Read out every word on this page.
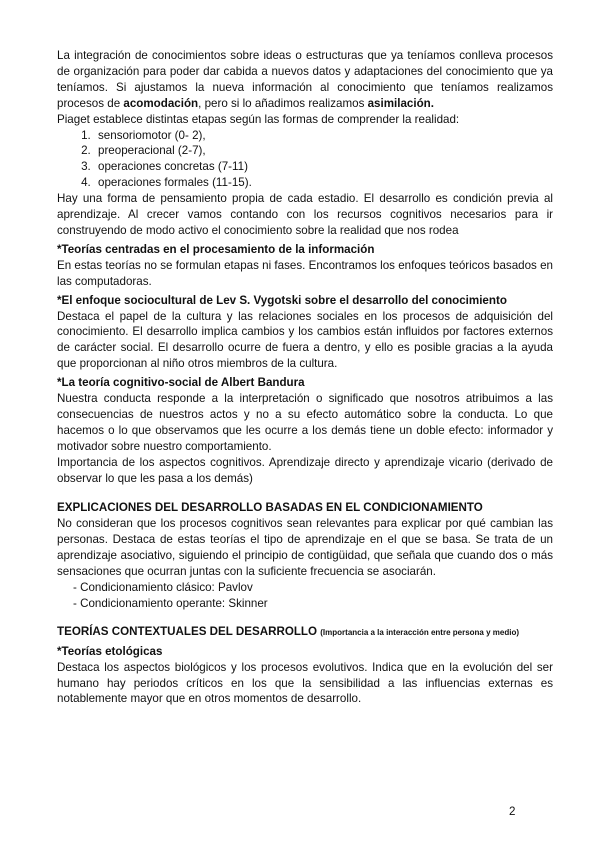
La integración de conocimientos sobre ideas o estructuras que ya teníamos conlleva procesos de organización para poder dar cabida a nuevos datos y adaptaciones del conocimiento que ya teníamos. Si ajustamos la nueva información al conocimiento que teníamos realizamos procesos de acomodación, pero si lo añadimos realizamos asimilación.

Piaget establece distintas etapas según las formas de comprender la realidad:

1. sensoriomotor (0- 2),
2. preoperacional (2-7),
3. operaciones concretas (7-11)
4. operaciones formales (11-15).

Hay una forma de pensamiento propia de cada estadio. El desarrollo es condición previa al aprendizaje. Al crecer vamos contando con los recursos cognitivos necesarios para ir construyendo de modo activo el conocimiento sobre la realidad que nos rodea

*Teorías centradas en el procesamiento de la información

En estas teorías no se formulan etapas ni fases. Encontramos los enfoques teóricos basados en las computadoras.

*El enfoque sociocultural de Lev S. Vygotski sobre el desarrollo del conocimiento

Destaca el papel de la cultura y las relaciones sociales en los procesos de adquisición del conocimiento. El desarrollo implica cambios y los cambios están influidos por factores externos de carácter social. El desarrollo ocurre de fuera a dentro, y ello es posible gracias a la ayuda que proporcionan al niño otros miembros de la cultura.

*La teoría cognitivo-social de Albert Bandura

Nuestra conducta responde a la interpretación o significado que nosotros atribuimos a las consecuencias de nuestros actos y no a su efecto automático sobre la conducta. Lo que hacemos o lo que observamos que les ocurre a los demás tiene un doble efecto: informador y motivador sobre nuestro comportamiento.

Importancia de los aspectos cognitivos. Aprendizaje directo y aprendizaje vicario (derivado de observar lo que les pasa a los demás)

EXPLICACIONES DEL DESARROLLO BASADAS EN EL CONDICIONAMIENTO

No consideran que los procesos cognitivos sean relevantes para explicar por qué cambian las personas. Destaca de estas teorías el tipo de aprendizaje en el que se basa. Se trata de un aprendizaje asociativo, siguiendo el principio de contigüidad, que señala que cuando dos o más sensaciones que ocurran juntas con la suficiente frecuencia se asociarán.

- Condicionamiento clásico: Pavlov
- Condicionamiento operante: Skinner
TEORÍAS CONTEXTUALES DEL DESARROLLO (Importancia a la interacción entre persona y medio)
*Teorías etológicas

Destaca los aspectos biológicos y los procesos evolutivos. Indica que en la evolución del ser humano hay periodos críticos en los que la sensibilidad a las influencias externas es notablemente mayor que en otros momentos de desarrollo.

2
